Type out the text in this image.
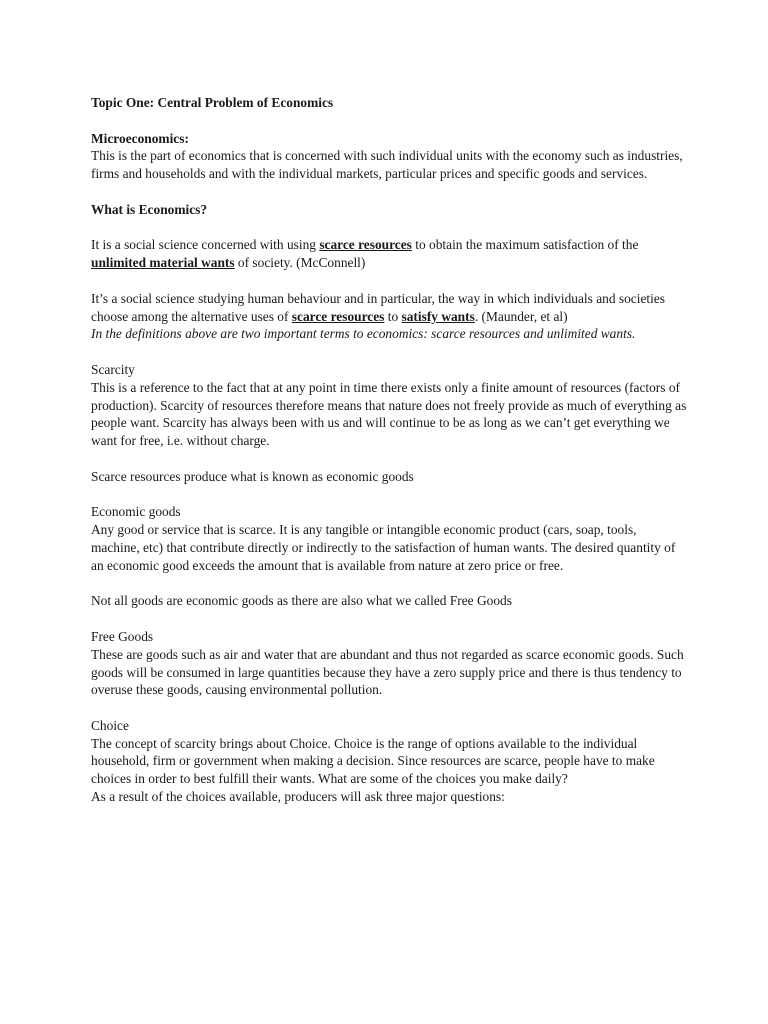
Topic One: Central Problem of Economics

Microeconomics:

This is the part of economics that is concerned with such individual units with the economy such as industries, firms and households and with the individual markets, particular prices and specific goods and services.

What is Economics?

It is a social science concerned with using scarce resources to obtain the maximum satisfaction of the unlimited material wants of society. (McConnell)

It’s a social science studying human behaviour and in particular, the way in which individuals and societies choose among the alternative uses of scarce resources to satisfy wants. (Maunder, et al)

In the definitions above are two important terms to economics: scarce resources and unlimited wants.

Scarcity

This is a reference to the fact that at any point in time there exists only a finite amount of resources (factors of production). Scarcity of resources therefore means that nature does not freely provide as much of everything as people want. Scarcity has always been with us and will continue to be as long as we can’t get everything we want for free, i.e. without charge.

Scarce resources produce what is known as economic goods

Economic goods

Any good or service that is scarce. It is any tangible or intangible economic product (cars, soap, tools, machine, etc) that contribute directly or indirectly to the satisfaction of human wants. The desired quantity of an economic good exceeds the amount that is available from nature at zero price or free.

Not all goods are economic goods as there are also what we called Free Goods

Free Goods

These are goods such as air and water that are abundant and thus not regarded as scarce economic goods. Such goods will be consumed in large quantities because they have a zero supply price and there is thus tendency to overuse these goods, causing environmental pollution.

Choice

The concept of scarcity brings about Choice. Choice is the range of options available to the individual household, firm or government when making a decision. Since resources are scarce, people have to make choices in order to best fulfill their wants. What are some of the choices you make daily?

As a result of the choices available, producers will ask three major questions:
